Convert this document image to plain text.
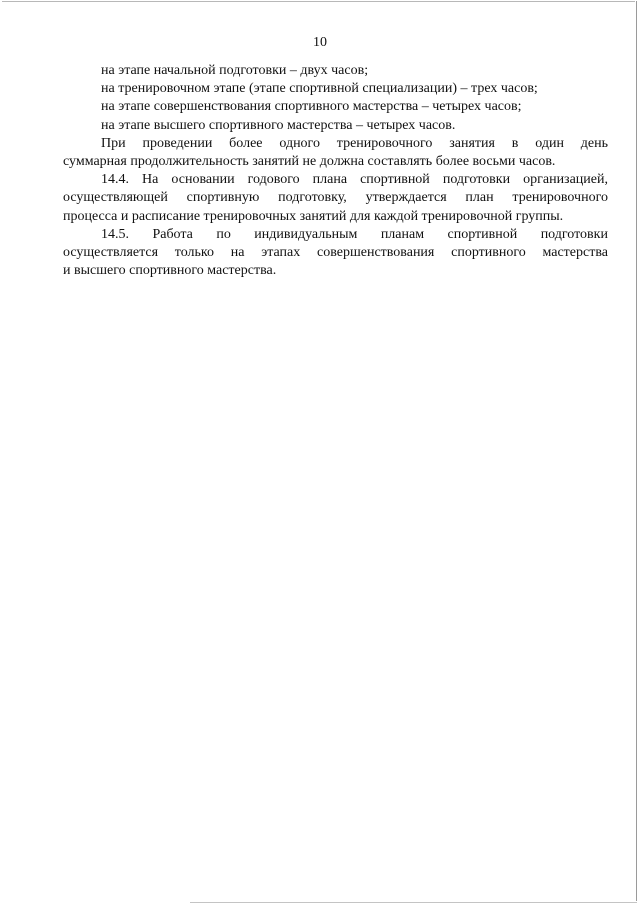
10
на этапе начальной подготовки – двух часов;
на тренировочном этапе (этапе спортивной специализации) – трех часов;
на этапе совершенствования спортивного мастерства – четырех часов;
на этапе высшего спортивного мастерства – четырех часов.
При проведении более одного тренировочного занятия в один день
суммарная продолжительность занятий не должна составлять более восьми часов.
14.4. На основании годового плана спортивной подготовки организацией,
осуществляющей спортивную подготовку, утверждается план тренировочного
процесса и расписание тренировочных занятий для каждой тренировочной группы.
14.5. Работа по индивидуальным планам спортивной подготовки
осуществляется только на этапах совершенствования спортивного мастерства
и высшего спортивного мастерства.
